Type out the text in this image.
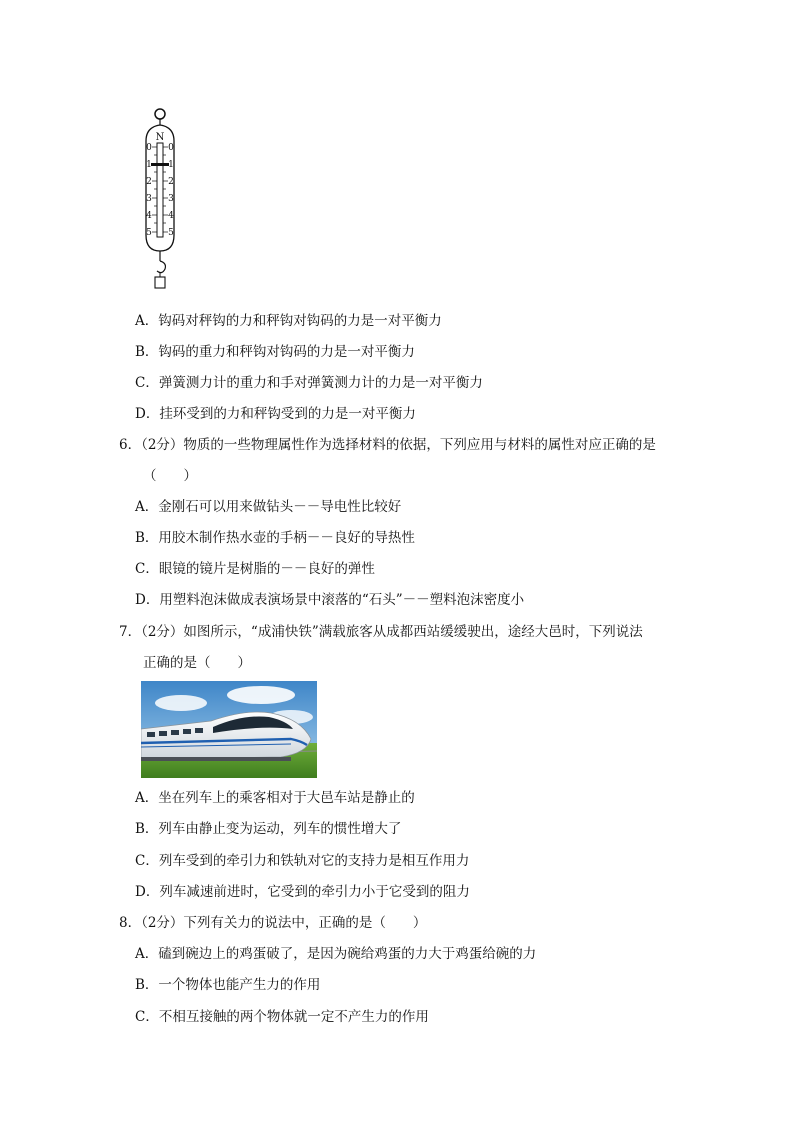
N
0
1
2
3
4
5
0
1
2
3
4
5
A．钩码对秤钩的力和秤钩对钩码的力是一对平衡力
B．钩码的重力和秤钩对钩码的力是一对平衡力
C．弹簧测力计的重力和手对弹簧测力计的力是一对平衡力
D．挂环受到的力和秤钩受到的力是一对平衡力
6．（2分）物质的一些物理属性作为选择材料的依据，下列应用与材料的属性对应正确的是
（　　）
A．金刚石可以用来做钻头－－导电性比较好
B．用胶木制作热水壶的手柄－－良好的导热性
C．眼镜的镜片是树脂的－－良好的弹性
D．用塑料泡沫做成表演场景中滚落的“石头”－－塑料泡沫密度小
7．（2分）如图所示，“成浦快铁”满载旅客从成都西站缓缓驶出，途经大邑时，下列说法
正确的是（　　）
A．坐在列车上的乘客相对于大邑车站是静止的
B．列车由静止变为运动，列车的惯性增大了
C．列车受到的牵引力和铁轨对它的支持力是相互作用力
D．列车减速前进时，它受到的牵引力小于它受到的阻力
8．（2分）下列有关力的说法中，正确的是（　　）
A．磕到碗边上的鸡蛋破了，是因为碗给鸡蛋的力大于鸡蛋给碗的力
B．一个物体也能产生力的作用
C．不相互接触的两个物体就一定不产生力的作用
